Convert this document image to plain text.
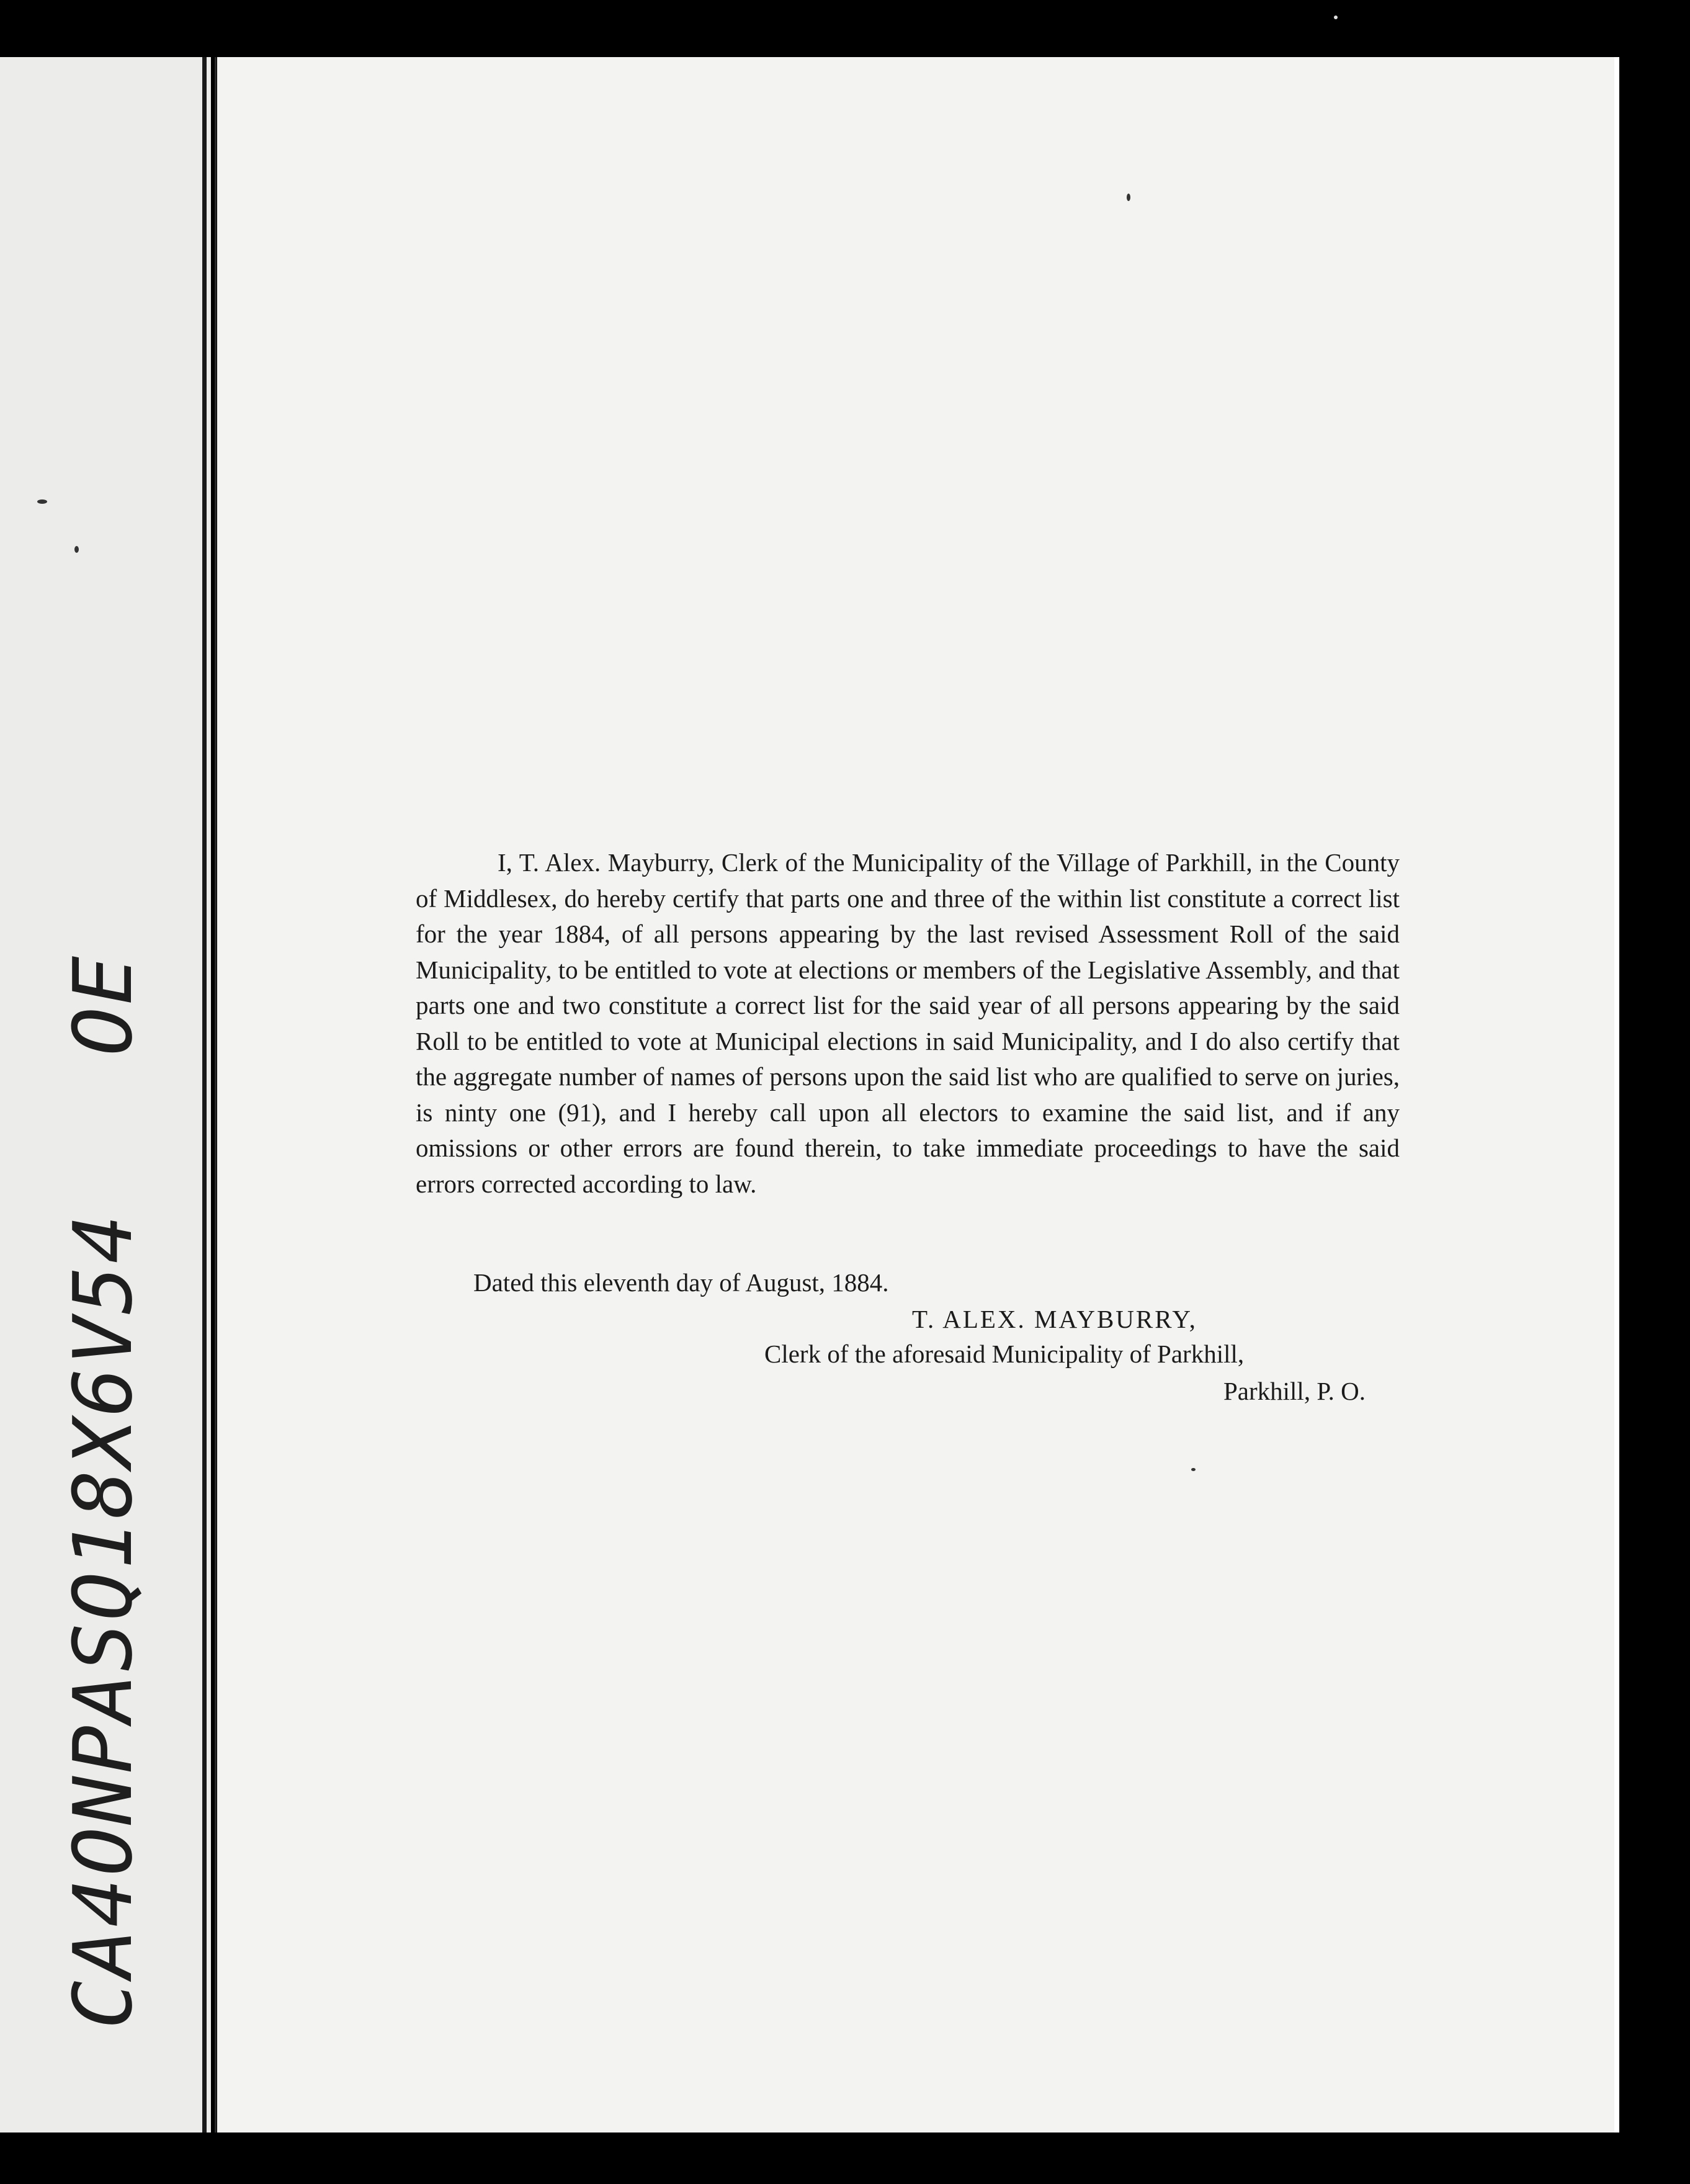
CA4ONPASQ18X6V54 OE

I, T. Alex. Mayburry, Clerk of the Municipality of the Village of Parkhill, in the County of Middlesex, do hereby certify that parts one and three of the within list constitute a correct list for the year 1884, of all persons appearing by the last revised Assessment Roll of the said Municipality, to be entitled to vote at elections or members of the Legislative Assembly, and that parts one and two constitute a correct list for the said year of all persons appearing by the said Roll to be entitled to vote at Municipal elections in said Municipality, and I do also certify that the aggregate number of names of persons upon the said list who are qualified to serve on juries, is ninty one (91), and I hereby call upon all electors to examine the said list, and if any omissions or other errors are found therein, to take immediate proceedings to have the said errors corrected according to law.

Dated this eleventh day of August, 1884.
T. ALEX. MAYBURRY,
Clerk of the aforesaid Municipality of Parkhill,
Parkhill, P. O.
